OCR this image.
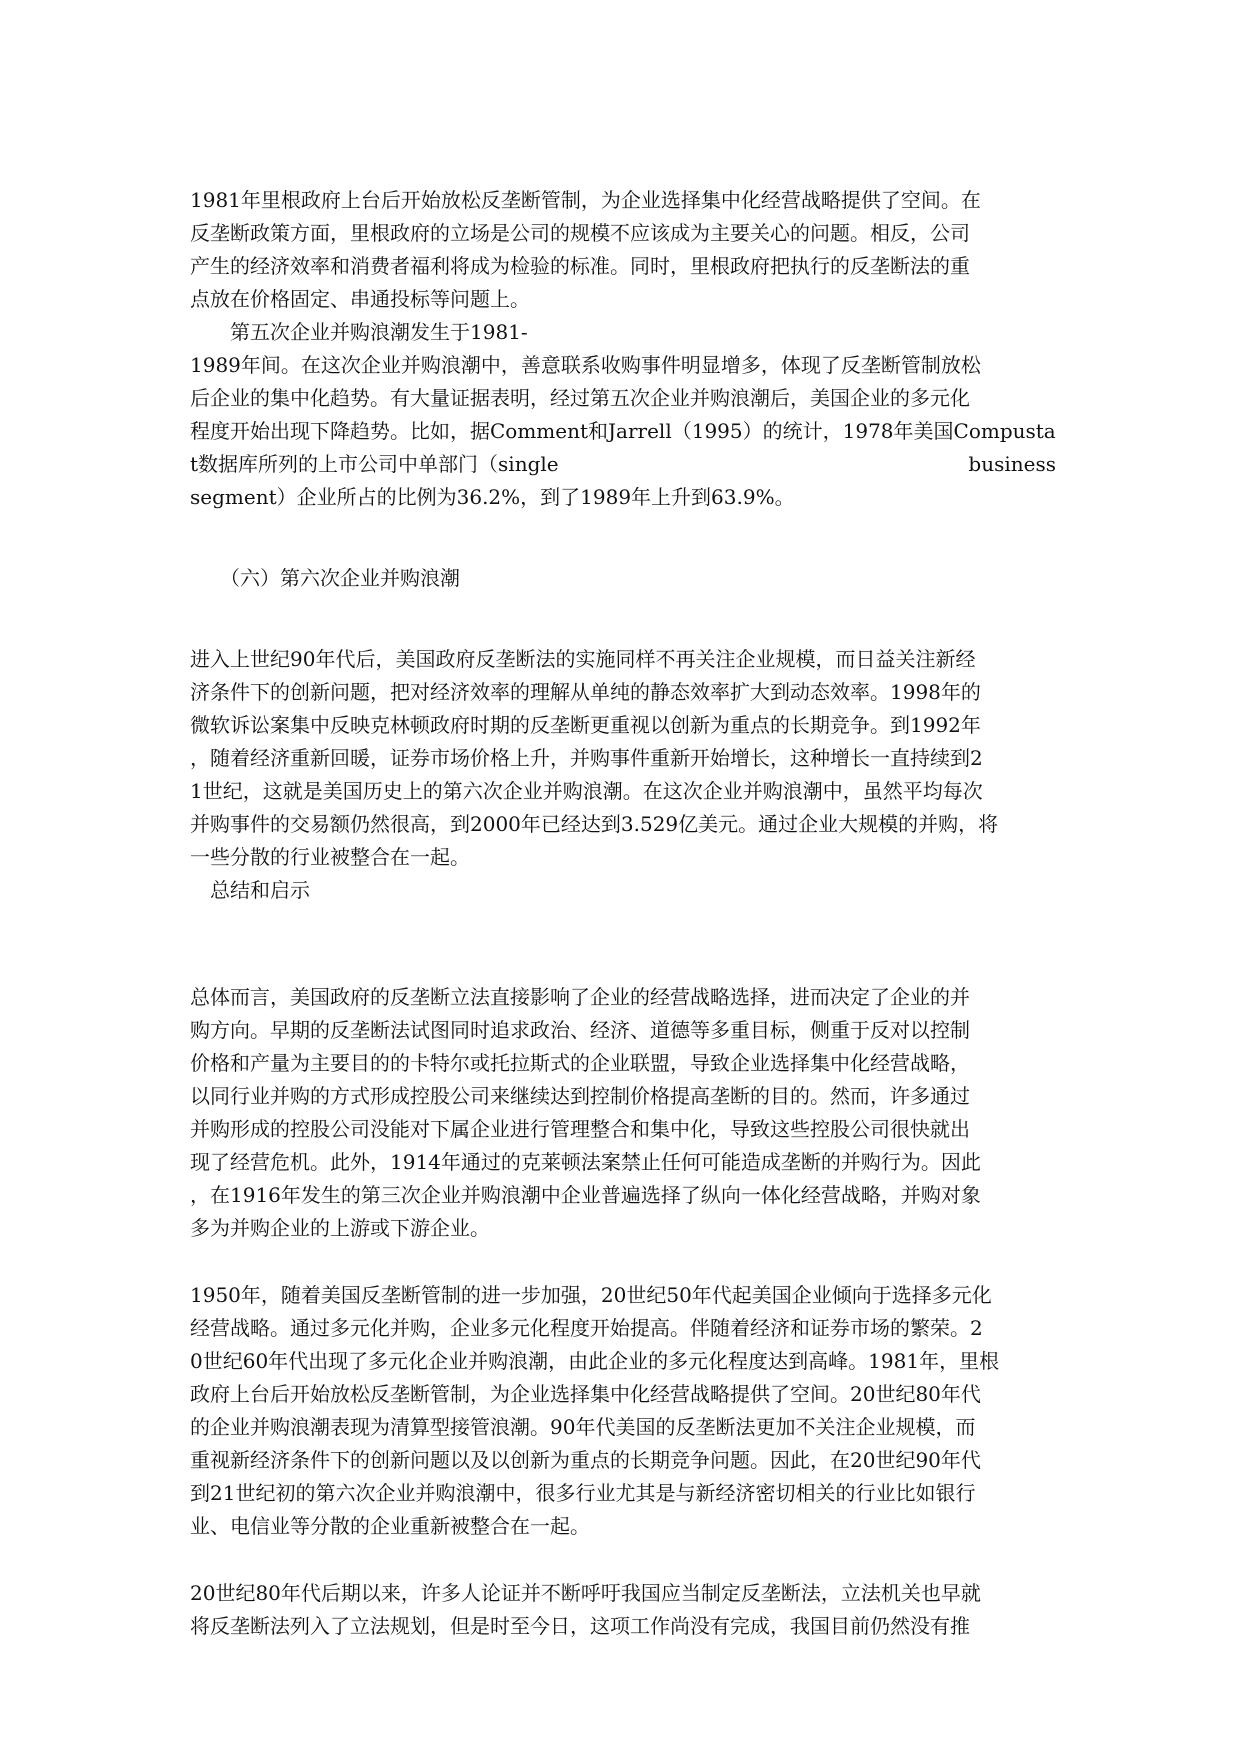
1981年里根政府上台后开始放松反垄断管制，为企业选择集中化经营战略提供了空间。在
反垄断政策方面，里根政府的立场是公司的规模不应该成为主要关心的问题。相反，公司
产生的经济效率和消费者福利将成为检验的标准。同时，里根政府把执行的反垄断法的重
点放在价格固定、串通投标等问题上。
　　第五次企业并购浪潮发生于1981-
1989年间。在这次企业并购浪潮中，善意联系收购事件明显增多，体现了反垄断管制放松
后企业的集中化趋势。有大量证据表明，经过第五次企业并购浪潮后，美国企业的多元化
程度开始出现下降趋势。比如，据Comment和Jarrell（1995）的统计，1978年美国Compusta
t数据库所列的上市公司中单部门（single	business
segment）企业所占的比例为36.2%，到了1989年上升到63.9%。
　　（六）第六次企业并购浪潮
进入上世纪90年代后，美国政府反垄断法的实施同样不再关注企业规模，而日益关注新经
济条件下的创新问题，把对经济效率的理解从单纯的静态效率扩大到动态效率。1998年的
微软诉讼案集中反映克林顿政府时期的反垄断更重视以创新为重点的长期竞争。到1992年
，随着经济重新回暖，证券市场价格上升，并购事件重新开始增长，这种增长一直持续到2
1世纪，这就是美国历史上的第六次企业并购浪潮。在这次企业并购浪潮中，虽然平均每次
并购事件的交易额仍然很高，到2000年已经达到3.529亿美元。通过企业大规模的并购，将
一些分散的行业被整合在一起。
　总结和启示
总体而言，美国政府的反垄断立法直接影响了企业的经营战略选择，进而决定了企业的并
购方向。早期的反垄断法试图同时追求政治、经济、道德等多重目标，侧重于反对以控制
价格和产量为主要目的的卡特尔或托拉斯式的企业联盟，导致企业选择集中化经营战略，
以同行业并购的方式形成控股公司来继续达到控制价格提高垄断的目的。然而，许多通过
并购形成的控股公司没能对下属企业进行管理整合和集中化，导致这些控股公司很快就出
现了经营危机。此外，1914年通过的克莱顿法案禁止任何可能造成垄断的并购行为。因此
，在1916年发生的第三次企业并购浪潮中企业普遍选择了纵向一体化经营战略，并购对象
多为并购企业的上游或下游企业。
1950年，随着美国反垄断管制的进一步加强，20世纪50年代起美国企业倾向于选择多元化
经营战略。通过多元化并购，企业多元化程度开始提高。伴随着经济和证券市场的繁荣。2
0世纪60年代出现了多元化企业并购浪潮，由此企业的多元化程度达到高峰。1981年，里根
政府上台后开始放松反垄断管制，为企业选择集中化经营战略提供了空间。20世纪80年代
的企业并购浪潮表现为清算型接管浪潮。90年代美国的反垄断法更加不关注企业规模，而
重视新经济条件下的创新问题以及以创新为重点的长期竞争问题。因此，在20世纪90年代
到21世纪初的第六次企业并购浪潮中，很多行业尤其是与新经济密切相关的行业比如银行
业、电信业等分散的企业重新被整合在一起。
20世纪80年代后期以来，许多人论证并不断呼吁我国应当制定反垄断法，立法机关也早就
将反垄断法列入了立法规划，但是时至今日，这项工作尚没有完成，我国目前仍然没有推
